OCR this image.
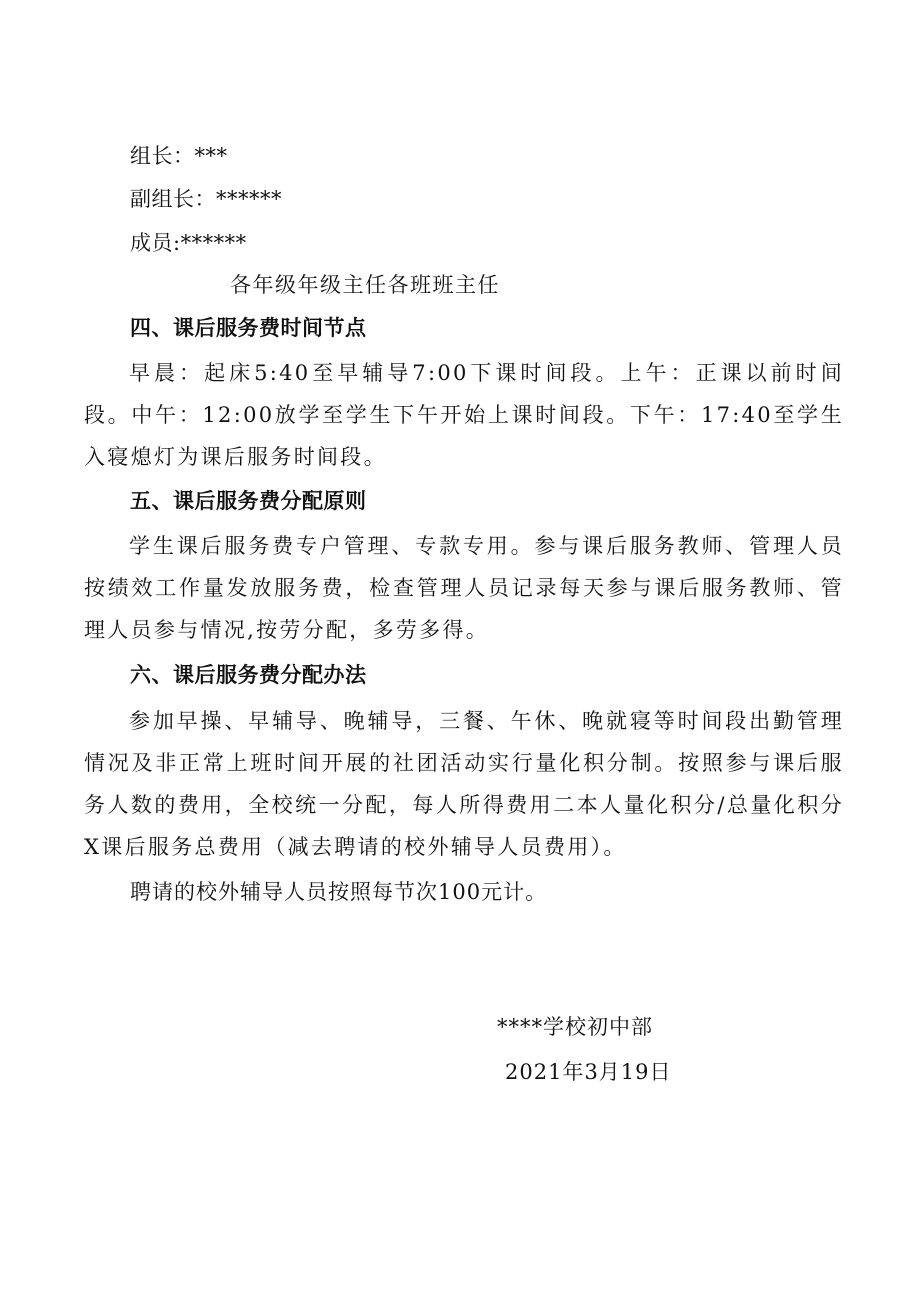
组长：***
副组长：******
成员:******
各年级年级主任各班班主任
四、课后服务费时间节点
早晨：起床5:40至早辅导7:00下课时间段。上午：正课以前时间段。中午：12:00放学至学生下午开始上课时间段。下午：17:40至学生入寝熄灯为课后服务时间段。
五、课后服务费分配原则
学生课后服务费专户管理、专款专用。参与课后服务教师、管理人员按绩效工作量发放服务费，检查管理人员记录每天参与课后服务教师、管理人员参与情况,按劳分配，多劳多得。
六、课后服务费分配办法
参加早操、早辅导、晚辅导，三餐、午休、晚就寝等时间段出勤管理情况及非正常上班时间开展的社团活动实行量化积分制。按照参与课后服务人数的费用，全校统一分配，每人所得费用二本人量化积分/总量化积分X课后服务总费用（减去聘请的校外辅导人员费用）。
聘请的校外辅导人员按照每节次100元计。
****学校初中部
2021年3月19日
